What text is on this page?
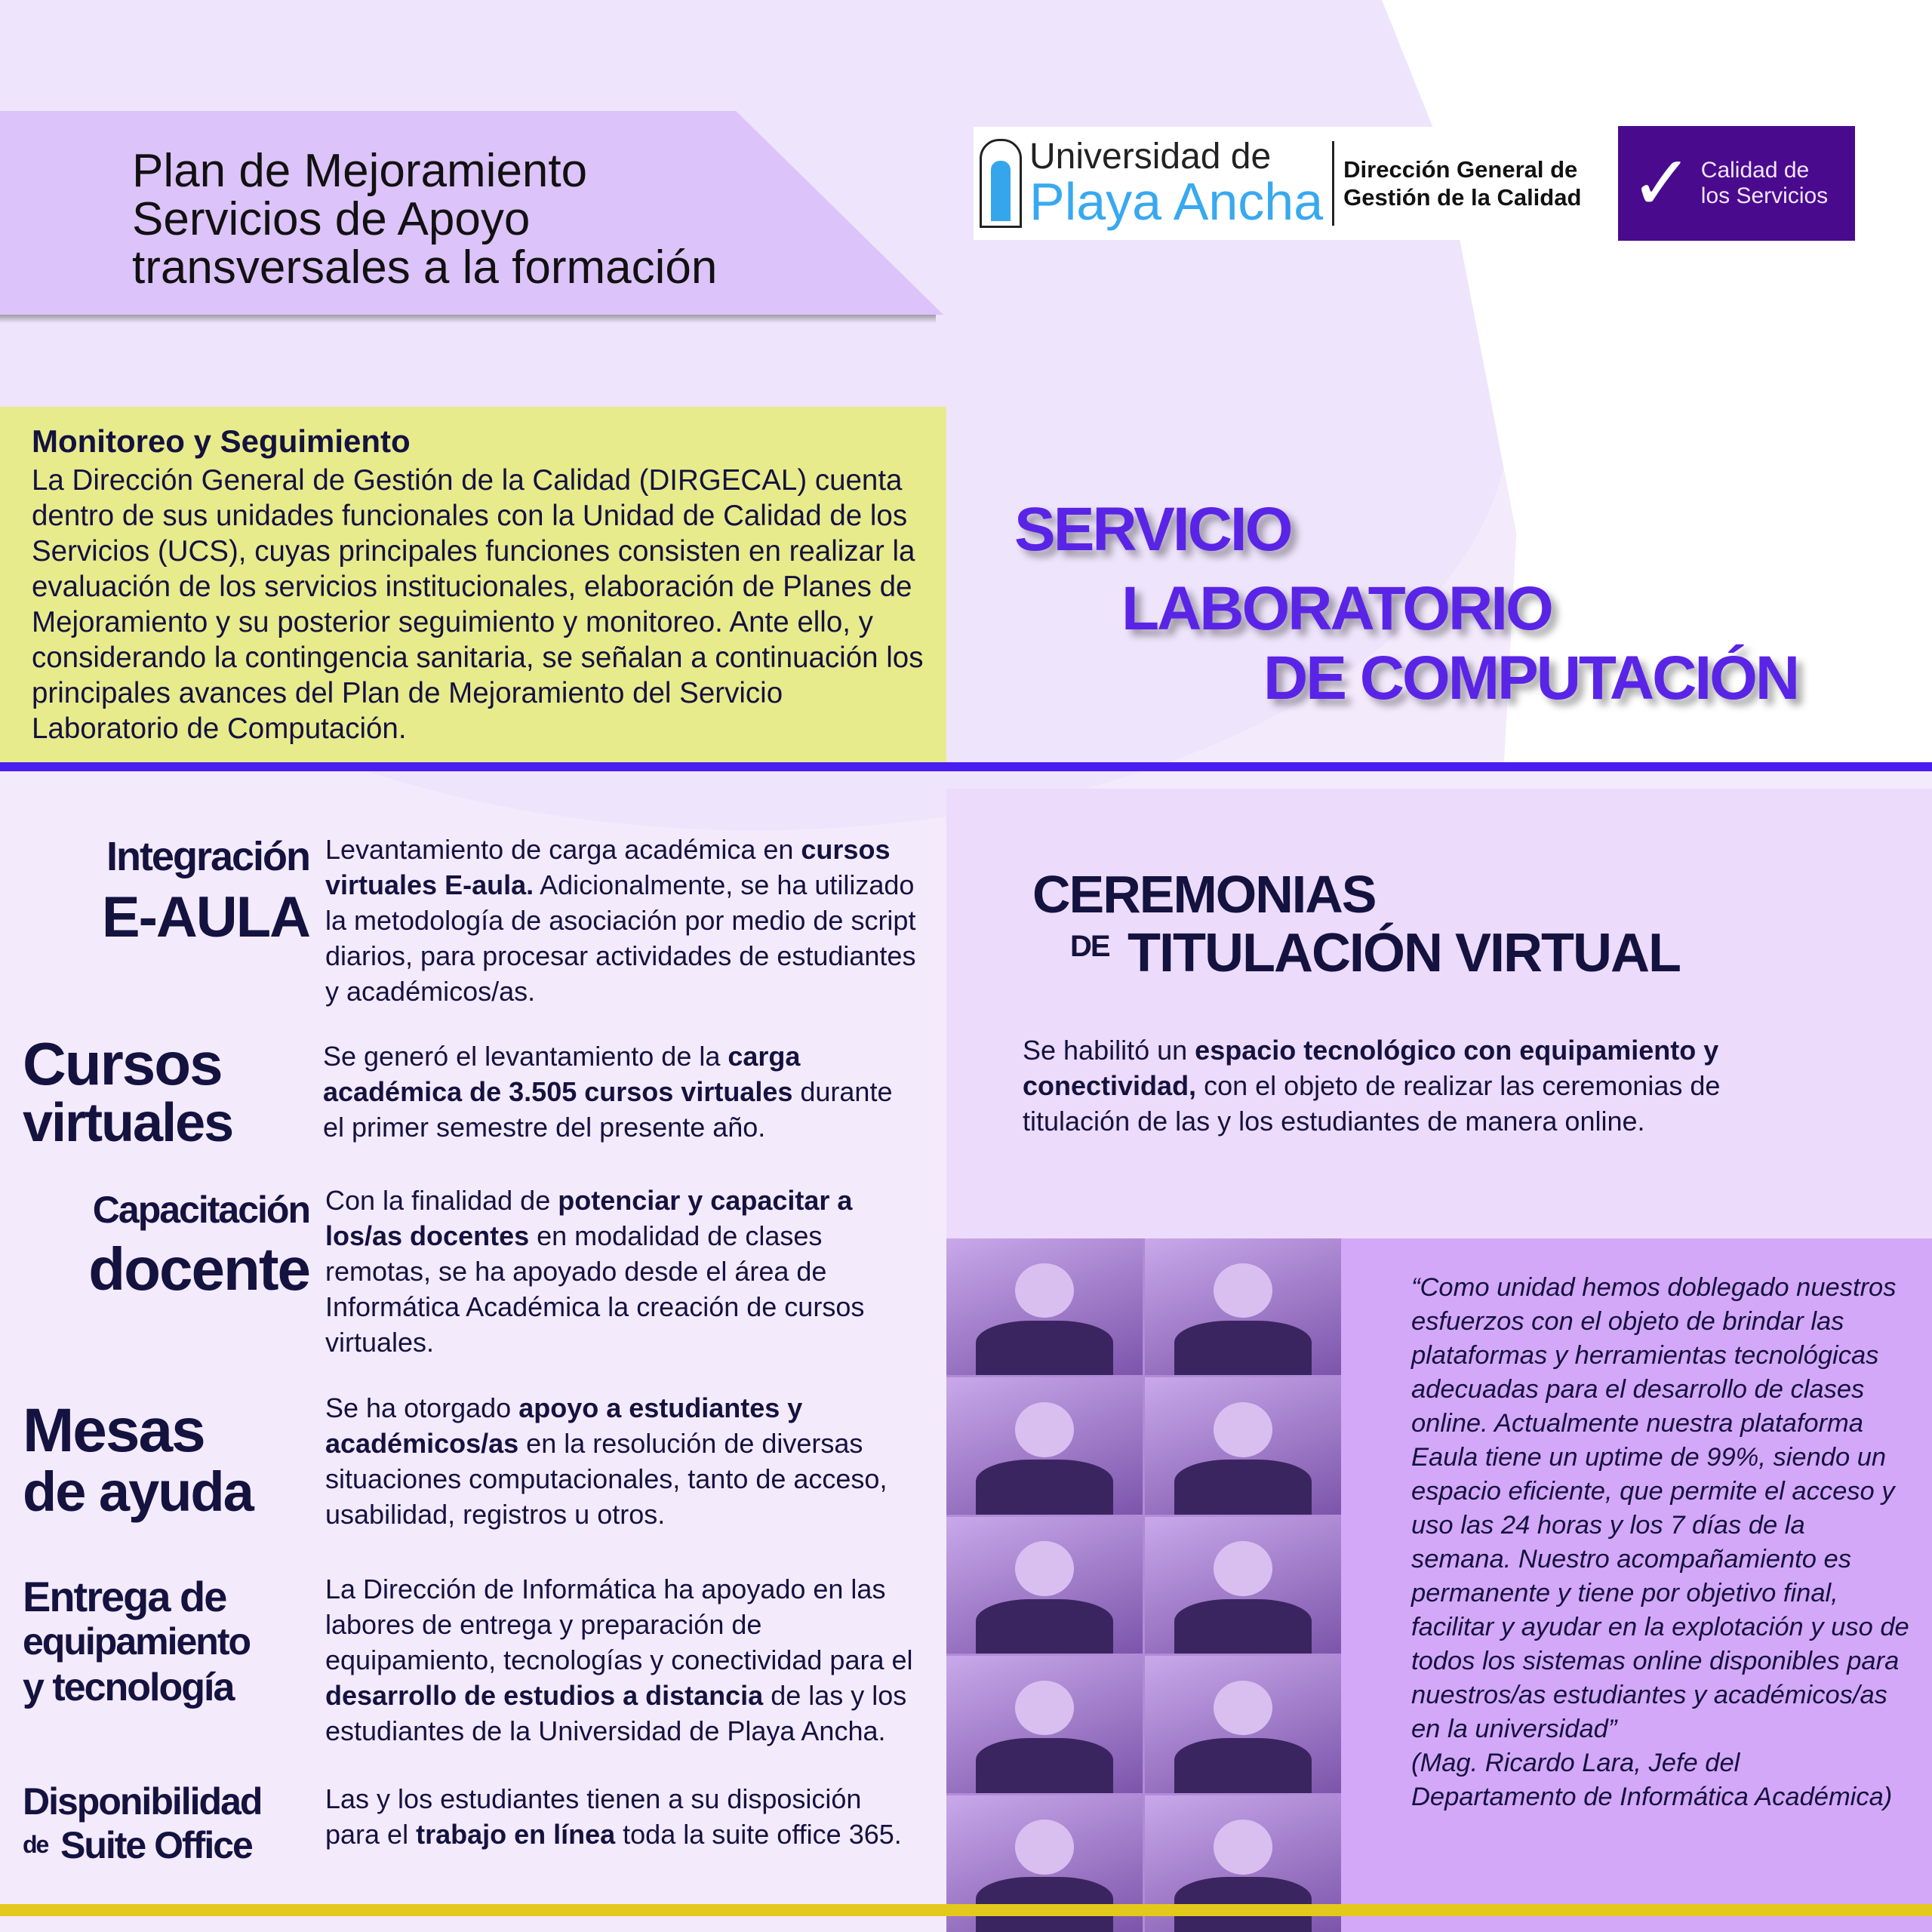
Plan de Mejoramiento
Servicios de Apoyo
transversales a la formación
Universidad de
Playa Ancha
Dirección General de
Gestión de la Calidad ✓ Calidad de
los Servicios
Monitoreo y Seguimiento

La Dirección General de Gestión de la Calidad (DIRGECAL) cuenta dentro de sus unidades funcionales con la Unidad de Calidad de los Servicios (UCS), cuyas principales funciones consisten en realizar la evaluación de los servicios institucionales, elaboración de Planes de Mejoramiento y su posterior seguimiento y monitoreo. Ante ello, y considerando la contingencia sanitaria, se señalan a continuación los principales avances del Plan de Mejoramiento del Servicio Laboratorio de Computación.

SERVICIO
LABORATORIO
DE COMPUTACIÓN
CEREMONIAS
DE TITULACIÓN VIRTUAL
Se habilitó un espacio tecnológico con equipamiento y conectividad, con el objeto de realizar las ceremonias de titulación de las y los estudiantes de manera online.
“Como unidad hemos doblegado nuestros esfuerzos con el objeto de brindar las plataformas y herramientas tecnológicas adecuadas para el desarrollo de clases online. Actualmente nuestra plataforma Eaula tiene un uptime de 99%, siendo un espacio eficiente, que permite el acceso y uso las 24 horas y los 7 días de la semana. Nuestro acompañamiento es permanente y tiene por objetivo final, facilitar y ayudar en la explotación y uso de todos los sistemas online disponibles para nuestros/as estudiantes y académicos/as en la universidad”
(Mag. Ricardo Lara, Jefe del Departamento de Informática Académica)
Integración
E-AULA
Levantamiento de carga académica en cursos virtuales E-aula. Adicionalmente, se ha utilizado la metodología de asociación por medio de script diarios, para procesar actividades de estudiantes y académicos/as.
Cursos
virtuales
Se generó el levantamiento de la carga académica de 3.505 cursos virtuales durante el primer semestre del presente año.
Capacitación
docente
Con la finalidad de potenciar y capacitar a los/as docentes en modalidad de clases remotas, se ha apoyado desde el área de Informática Académica la creación de cursos virtuales.
Mesas
de ayuda
Se ha otorgado apoyo a estudiantes y académicos/as en la resolución de diversas situaciones computacionales, tanto de acceso, usabilidad, registros u otros.
Entrega de
equipamiento
y tecnología
La Dirección de Informática ha apoyado en las labores de entrega y preparación de equipamiento, tecnologías y conectividad para el desarrollo de estudios a distancia de las y los estudiantes de la Universidad de Playa Ancha.
Disponibilidad
de Suite Office
Las y los estudiantes tienen a su disposición para el trabajo en línea toda la suite office 365.
